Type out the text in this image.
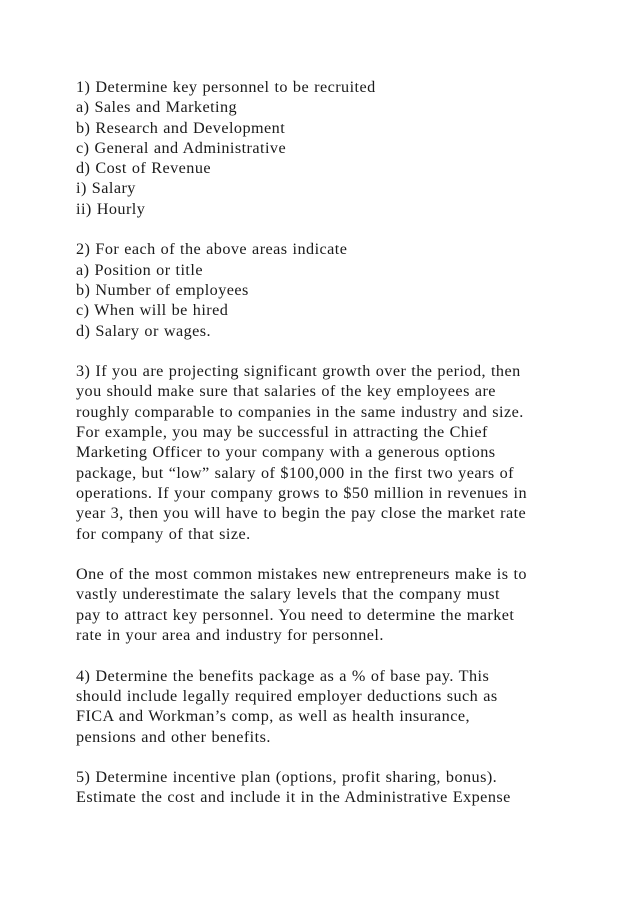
1) Determine key personnel to be recruited
a) Sales and Marketing
b) Research and Development
c) General and Administrative
d) Cost of Revenue
i) Salary
ii) Hourly
2) For each of the above areas indicate
a) Position or title
b) Number of employees
c) When will be hired
d) Salary or wages.
3) If you are projecting significant growth over the period, then
you should make sure that salaries of the key employees are
roughly comparable to companies in the same industry and size.
For example, you may be successful in attracting the Chief
Marketing Officer to your company with a generous options
package, but “low” salary of $100,000 in the first two years of
operations. If your company grows to $50 million in revenues in
year 3, then you will have to begin the pay close the market rate
for company of that size.
One of the most common mistakes new entrepreneurs make is to
vastly underestimate the salary levels that the company must
pay to attract key personnel. You need to determine the market
rate in your area and industry for personnel.
4) Determine the benefits package as a % of base pay. This
should include legally required employer deductions such as
FICA and Workman’s comp, as well as health insurance,
pensions and other benefits.
5) Determine incentive plan (options, profit sharing, bonus).
Estimate the cost and include it in the Administrative Expense
